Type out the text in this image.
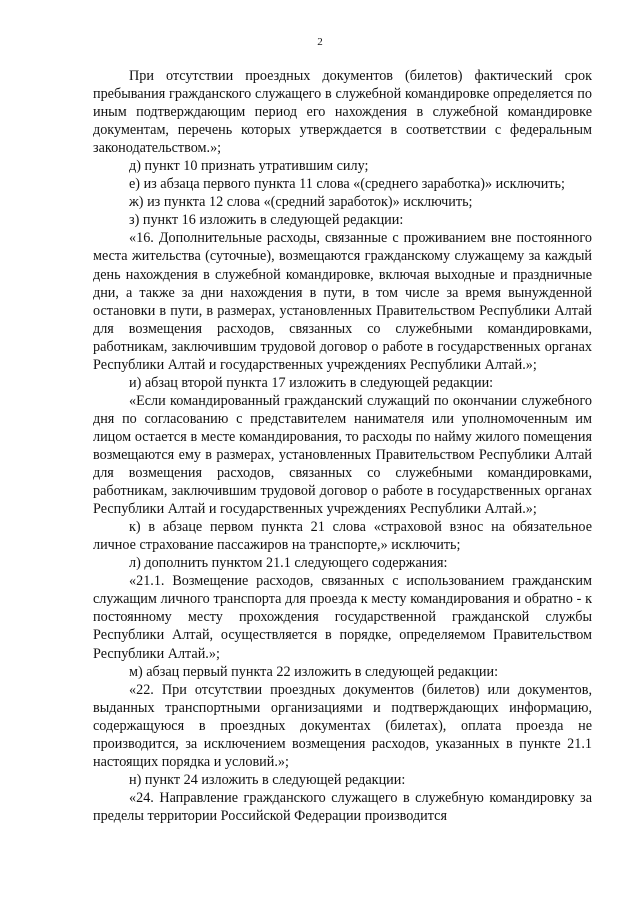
2

При отсутствии проездных документов (билетов) фактический срок пребывания гражданского служащего в служебной командировке определяется по иным подтверждающим период его нахождения в служебной командировке документам, перечень которых утверждается в соответствии с федеральным законодательством.»;

д) пункт 10 признать утратившим силу;

е) из абзаца первого пункта 11 слова «(среднего заработка)» исключить;

ж) из пункта 12 слова «(средний заработок)» исключить;

з) пункт 16 изложить в следующей редакции:

«16. Дополнительные расходы, связанные с проживанием вне постоянного места жительства (суточные), возмещаются гражданскому служащему за каждый день нахождения в служебной командировке, включая выходные и праздничные дни, а также за дни нахождения в пути, в том числе за время вынужденной остановки в пути, в размерах, установленных Правительством Республики Алтай для возмещения расходов, связанных со служебными командировками, работникам, заключившим трудовой договор о работе в государственных органах Республики Алтай и государственных учреждениях Республики Алтай.»;

и) абзац второй пункта 17 изложить в следующей редакции:

«Если командированный гражданский служащий по окончании служебного дня по согласованию с представителем нанимателя или уполномоченным им лицом остается в месте командирования, то расходы по найму жилого помещения возмещаются ему в размерах, установленных Правительством Республики Алтай для возмещения расходов, связанных со служебными командировками, работникам, заключившим трудовой договор о работе в государственных органах Республики Алтай и государственных учреждениях Республики Алтай.»;

к) в абзаце первом пункта 21 слова «страховой взнос на обязательное личное страхование пассажиров на транспорте,» исключить;

л) дополнить пунктом 21.1 следующего содержания:

«21.1. Возмещение расходов, связанных с использованием гражданским служащим личного транспорта для проезда к месту командирования и обратно - к постоянному месту прохождения государственной гражданской службы Республики Алтай, осуществляется в порядке, определяемом Правительством Республики Алтай.»;

м) абзац первый пункта 22 изложить в следующей редакции:

«22. При отсутствии проездных документов (билетов) или документов, выданных транспортными организациями и подтверждающих информацию, содержащуюся в проездных документах (билетах), оплата проезда не производится, за исключением возмещения расходов, указанных в пункте 21.1 настоящих порядка и условий.»;

н) пункт 24 изложить в следующей редакции:

«24. Направление гражданского служащего в служебную командировку за пределы территории Российской Федерации производится
